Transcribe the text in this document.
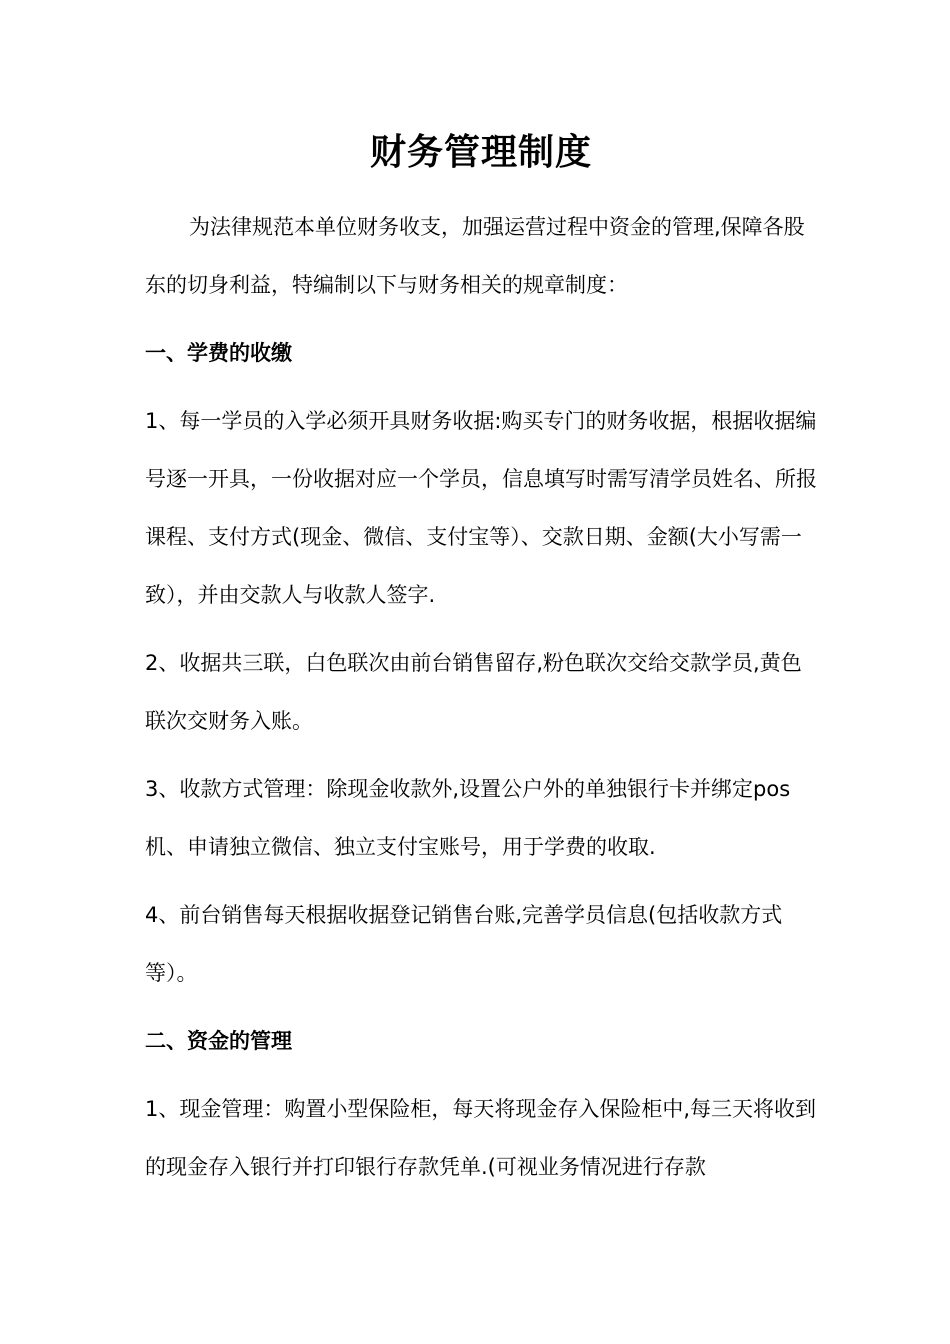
财务管理制度

为法律规范本单位财务收支，加强运营过程中资金的管理,保障各股东的切身利益，特编制以下与财务相关的规章制度：

一、学费的收缴

1、每一学员的入学必须开具财务收据:购买专门的财务收据，根据收据编号逐一开具，一份收据对应一个学员，信息填写时需写清学员姓名、所报课程、支付方式(现金、微信、支付宝等）、交款日期、金额(大小写需一致），并由交款人与收款人签字.

2、收据共三联，白色联次由前台销售留存,粉色联次交给交款学员,黄色联次交财务入账。

3、收款方式管理：除现金收款外,设置公户外的单独银行卡并绑定pos机、申请独立微信、独立支付宝账号，用于学费的收取.

4、前台销售每天根据收据登记销售台账,完善学员信息(包括收款方式等）。

二、资金的管理

1、现金管理：购置小型保险柜，每天将现金存入保险柜中,每三天将收到的现金存入银行并打印银行存款凭单.(可视业务情况进行存款
